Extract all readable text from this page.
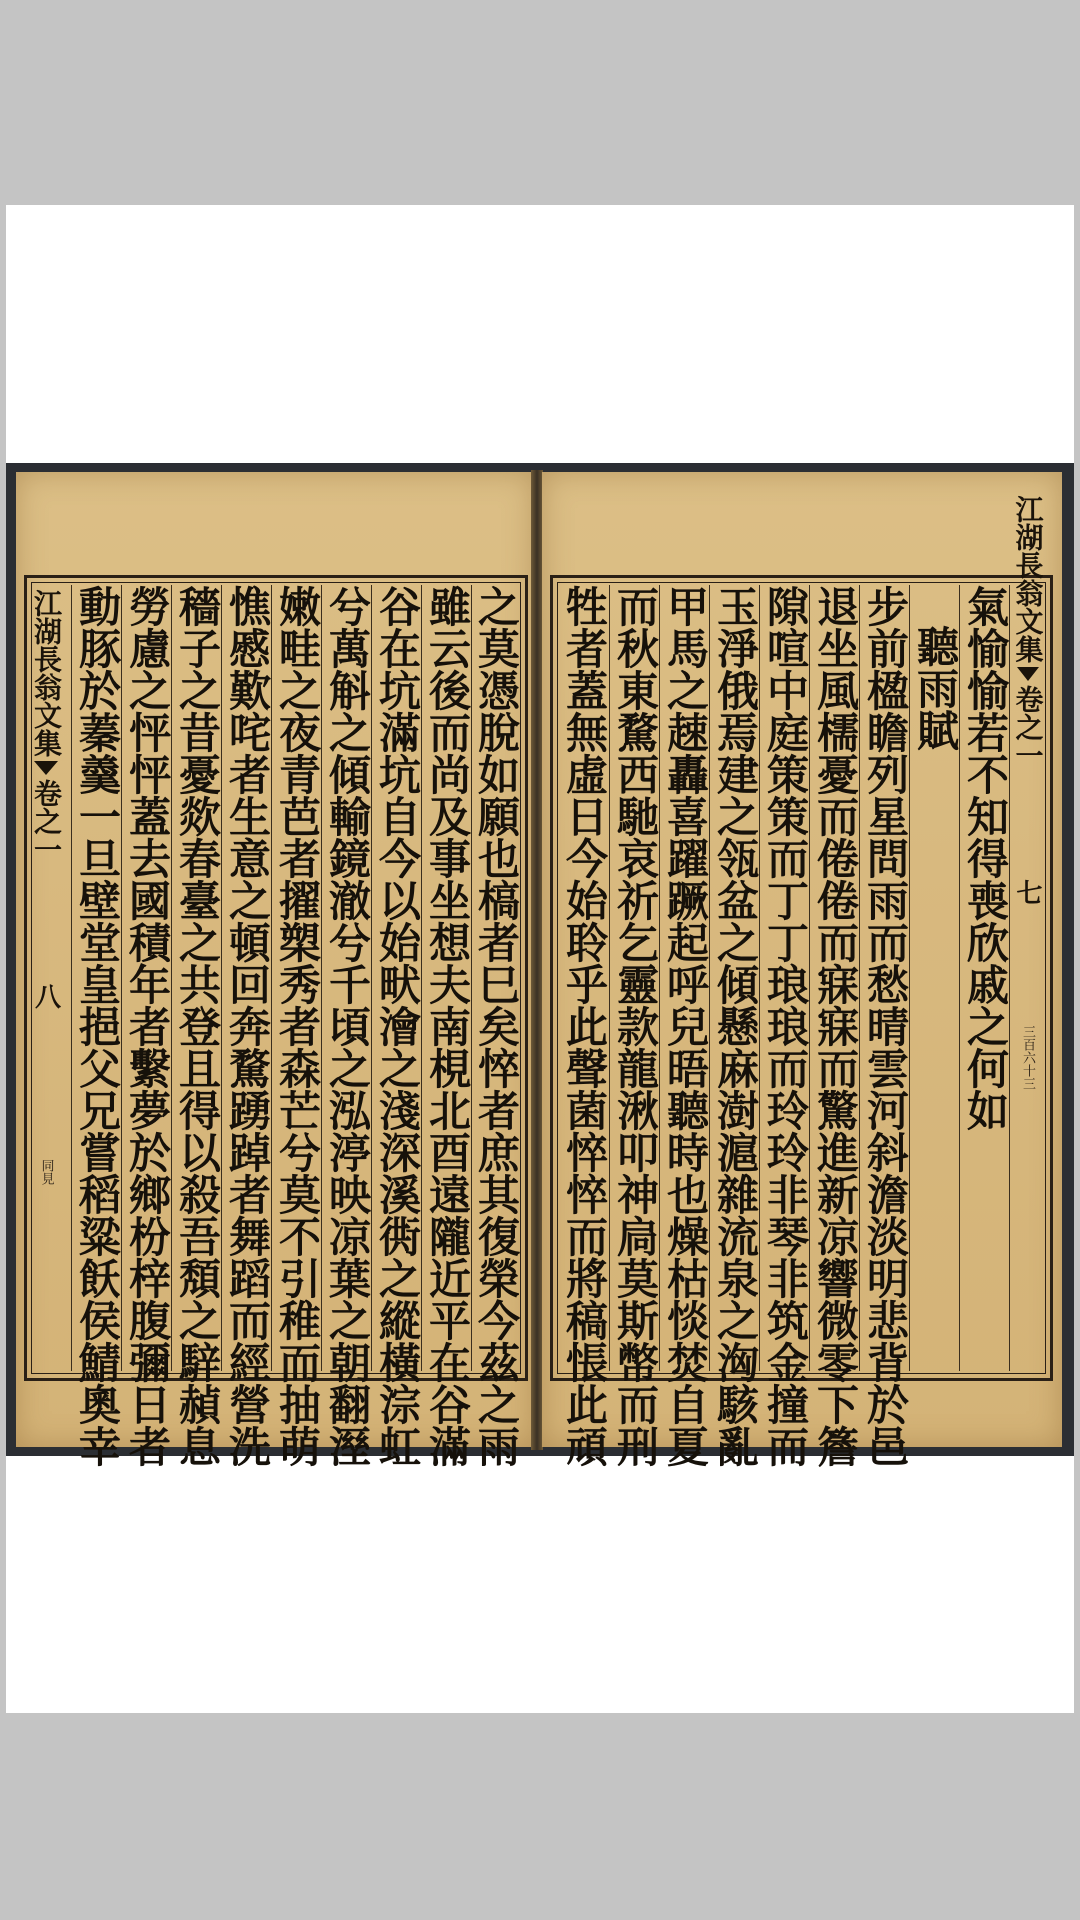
江湖長翁文集
卷之一
八
同見 動豚於蓁羹一旦壁堂皇挹父兄嘗稻粱飫侯鯖奧幸 勞慮之怦怦蓋去國積年者繫夢於鄉枌梓腹彌日者 穡子之昔憂欻春臺之共登且得以殺吾頽之騂赬息 憔慼歎咤者生意之頓回奔騖踴踔者舞蹈而經營洗 嫩畦之夜青芭者擢槊秀者森芒兮莫不引稚而抽萌 兮萬斛之傾輸鏡澈兮千頃之泓渟映凉葉之朝翻溼 谷在坑滿坑自今以始畎澮之淺深溪衖之縱橫淙虹 雖云後而尚及事坐想夫南梘北酉遠隴近平在谷滿 之莫憑脫如願也槁者巳矣悴者庶其復榮今茲之雨 牲者蓋無虛日今始聆乎此聲菌悴悴而將稿悵此頑 而秋東騖西馳哀祈乞靈款龍湫叩神扃莫斯幣而刑 甲馬之趚轟喜躍蹶起呼兒晤聽時也燥枯惔焚自夏 玉淨俄焉建之瓴盆之傾懸麻澍滬雜流泉之洶駭亂 隙喧中庭策策而丁丁琅琅而玲玲非琴非筑金撞而 退坐風檽憂而倦倦而寐寐而驚進新凉響微零下簷 步前楹瞻列星問雨而愁晴雲河斜澹淡明悲背於邑 聽雨賦 氣愉愉若不知得喪欣戚之何如
江湖長翁文集
卷之一
七
三百六十三
